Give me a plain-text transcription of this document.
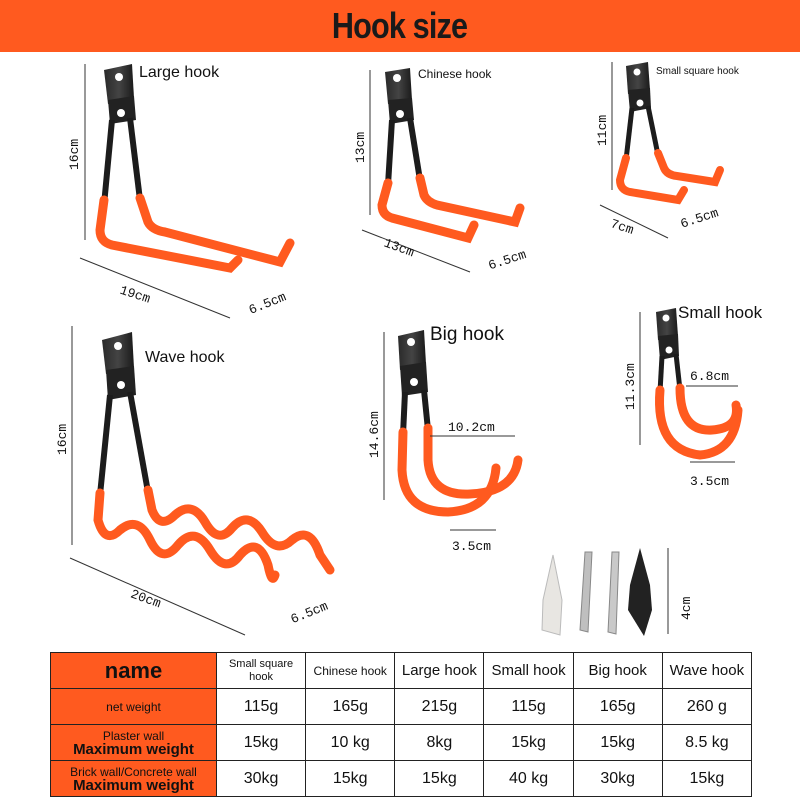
Hook size
16cm
19cm	6.5cm
Large hook
13cm
13cm	6.5cm
Chinese hook
11cm
7cm	6.5cm
Small square hook
16cm
20cm	6.5cm
Wave hook
14.6cm	10.2cm
3.5cm
Big hook
11.3cm	6.8cm
3.5cm
Small hook
4cm
name	Small square hook	Chinese hook	Large hook	Small hook	Big hook	Wave hook
net weight	115g	165g	215g	115g	165g	260 g
Plaster wall
Maximum weight	15kg	10 kg	8kg	15kg	15kg	8.5 kg
Brick wall/Concrete wall
Maximum weight	30kg	15kg	15kg	40 kg	30kg	15kg
